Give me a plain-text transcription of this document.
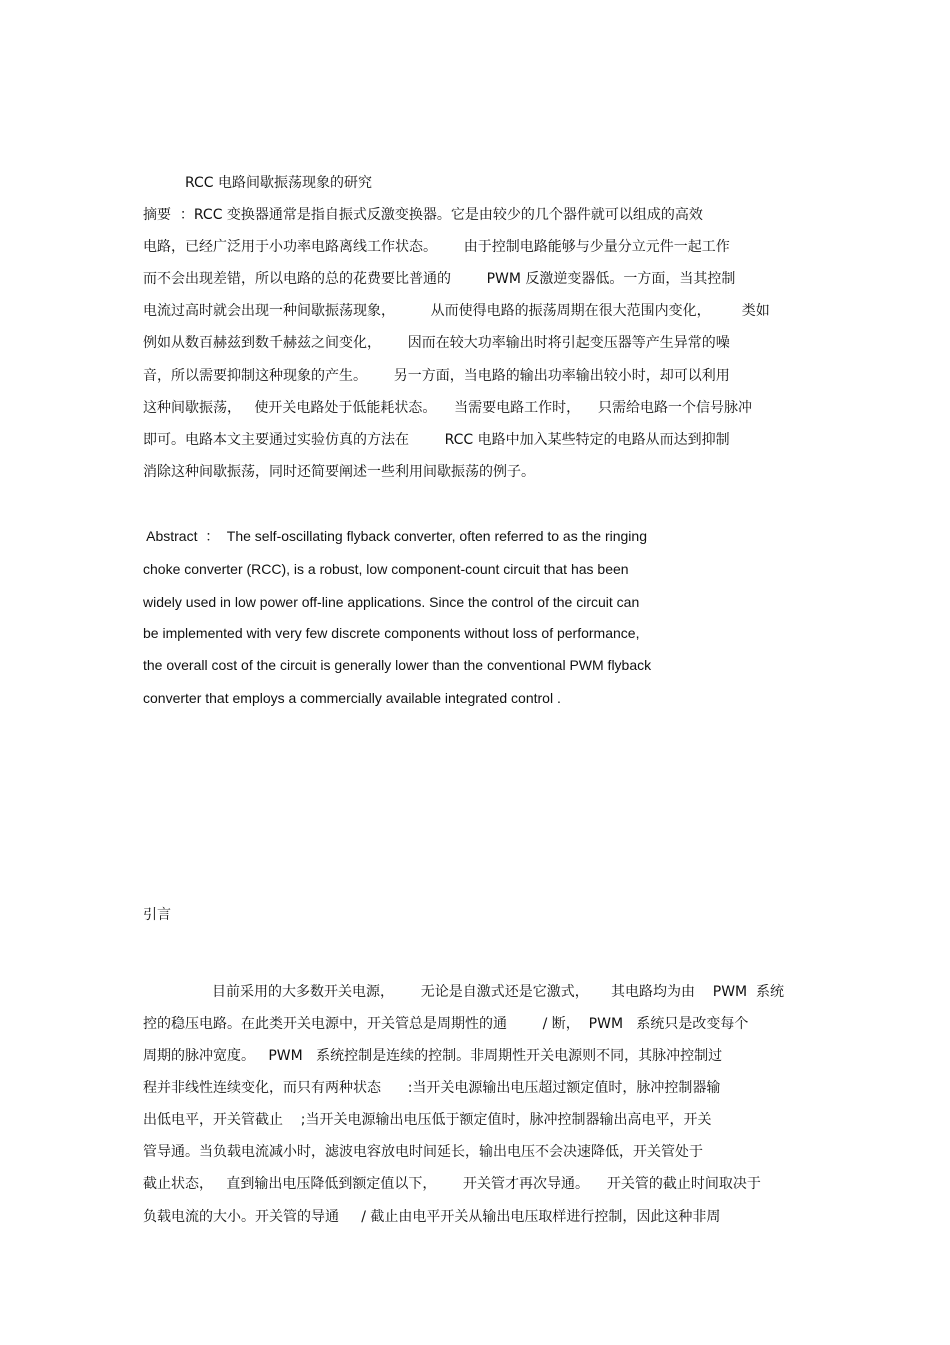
RCC 电路间歇振荡现象的研究
摘要  ：RCC 变换器通常是指自振式反激变换器。它是由较少的几个器件就可以组成的高效
电路，已经广泛用于小功率电路离线工作状态。      由于控制电路能够与少量分立元件一起工作
而不会出现差错，所以电路的总的花费要比普通的        PWM 反激逆变器低。一方面，当其控制
电流过高时就会出现一种间歇振荡现象，        从而使得电路的振荡周期在很大范围内变化，       类如
例如从数百赫兹到数千赫兹之间变化，      因而在较大功率输出时将引起变压器等产生异常的噪
音，所以需要抑制这种现象的产生。      另一方面，当电路的输出功率输出较小时，却可以利用
这种间歇振荡，   使开关电路处于低能耗状态。    当需要电路工作时，    只需给电路一个信号脉冲
即可。电路本文主要通过实验仿真的方法在        RCC 电路中加入某些特定的电路从而达到抑制
消除这种间歇振荡，同时还简要阐述一些利用间歇振荡的例子。
Abstract  ：  The self-oscillating flyback converter, often referred to as the ringing
choke converter (RCC), is a robust, low component-count circuit that has been
widely used in low power off-line applications. Since the control of the circuit can
be implemented with very few discrete components without loss of performance,
the overall cost of the circuit is generally lower than the conventional PWM flyback
converter that employs a commercially available integrated control .
引言
目前采用的大多数开关电源，      无论是自激式还是它激式，     其电路均为由    PWM  系统
控的稳压电路。在此类开关电源中，开关管总是周期性的通        / 断，  PWM   系统只是改变每个
周期的脉冲宽度。   PWM   系统控制是连续的控制。非周期性开关电源则不同，其脉冲控制过
程并非线性连续变化，而只有两种状态      :当开关电源输出电压超过额定值时，脉冲控制器输
出低电平，开关管截止    ;当开关电源输出电压低于额定值时，脉冲控制器输出高电平，开关
管导通。当负载电流减小时，滤波电容放电时间延长，输出电压不会决速降低，开关管处于
截止状态，   直到输出电压降低到额定值以下，      开关管才再次导通。    开关管的截止时间取决于
负载电流的大小。开关管的导通     / 截止由电平开关从输出电压取样进行控制，因此这种非周
